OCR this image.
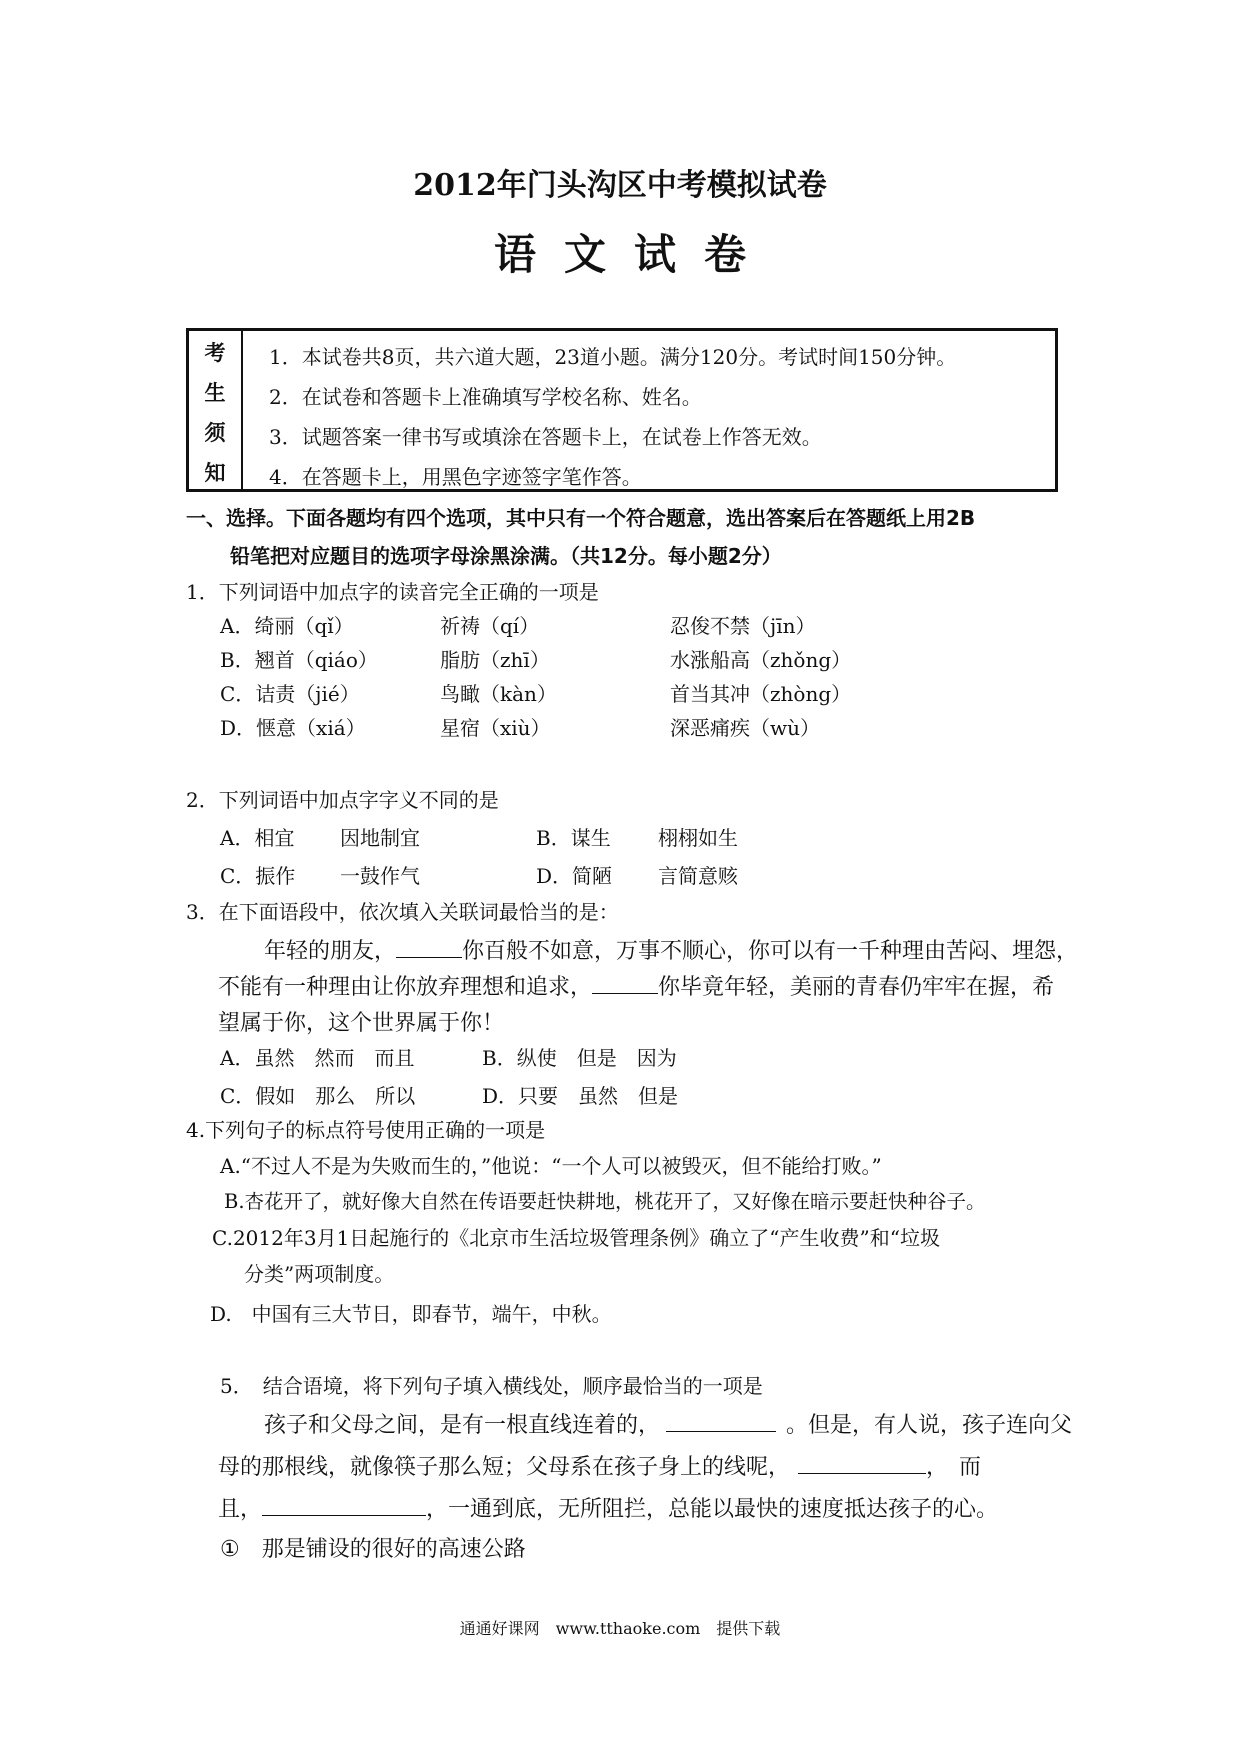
2012年门头沟区中考模拟试卷
语文试卷
考
生
须
知
1．本试卷共8页，共六道大题，23道小题。满分120分。考试时间150分钟。
2．在试卷和答题卡上准确填写学校名称、姓名。
3．试题答案一律书写或填涂在答题卡上，在试卷上作答无效。
4．在答题卡上，用黑色字迹签字笔作答。
一、选择。下面各题均有四个选项，其中只有一个符合题意，选出答案后在答题纸上用2B
铅笔把对应题目的选项字母涂黑涂满。（共12分。每小题2分）
1．下列词语中加点字的读音完全正确的一项是
A．绮丽（qǐ）	祈祷（qí）	忍俊不禁（jīn）
B．翘首（qiáo）	脂肪（zhī）	水涨船高（zhǒng）
C．诘责（jié）	鸟瞰（kàn）	首当其冲（zhòng）
D．惬意（xiá）	星宿（xiù）	深恶痛疾（wù）
2．下列词语中加点字字义不同的是
A．相宜 因地制宜	B．谋生 栩栩如生
C．振作 一鼓作气	D．简陋 言简意赅
3．在下面语段中，依次填入关联词最恰当的是：
年轻的朋友，	你百般不如意，万事不顺心，你可以有一千种理由苦闷、埋怨，
不能有一种理由让你放弃理想和追求，	你毕竟年轻，美丽的青春仍牢牢在握，希
望属于你，这个世界属于你！
A．虽然　然而　而且	B．纵使　但是　因为
C．假如　那么　所以	D．只要　虽然　但是
4.下列句子的标点符号使用正确的一项是
A.“不过人不是为失败而生的，”他说：“一个人可以被毁灭，但不能给打败。”
B.杏花开了，就好像大自然在传语要赶快耕地，桃花开了，又好像在暗示要赶快种谷子。
C.2012年3月1日起施行的《北京市生活垃圾管理条例》确立了“产生收费”和“垃圾
分类”两项制度。
D.　中国有三大节日，即春节，端午，中秋。
5．　结合语境，将下列句子填入横线处，顺序最恰当的一项是
孩子和父母之间，是有一根直线连着的，	。但是，有人说，孩子连向父
母的那根线，就像筷子那么短；父母系在孩子身上的线呢，	，　而
且，	，一通到底，无所阻拦，总能以最快的速度抵达孩子的心。
①　那是铺设的很好的高速公路
通通好课网　www.tthaoke.com　提供下载
